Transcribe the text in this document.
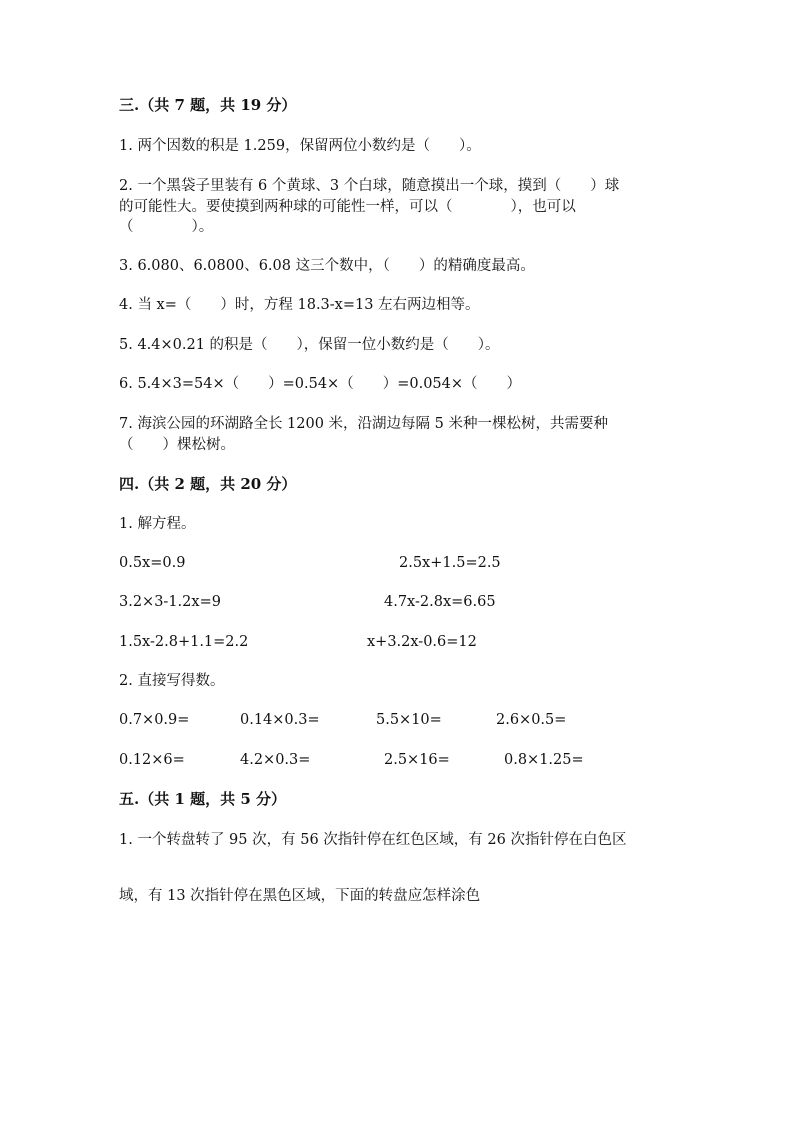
三.（共 7 题，共 19 分）
1. 两个因数的积是 1.259，保留两位小数约是（　　）。
2. 一个黑袋子里装有 6 个黄球、3 个白球，随意摸出一个球，摸到（　　）球
的可能性大。要使摸到两种球的可能性一样，可以（　　　　），也可以
（　　　　）。
3. 6.080、6.0800、6.08 这三个数中，（　　）的精确度最高。
4. 当 x=（　　）时，方程 18.3-x=13 左右两边相等。
5. 4.4×0.21 的积是（　　），保留一位小数约是（　　）。
6. 5.4×3=54×（　　）=0.54×（　　）=0.054×（　　）
7. 海滨公园的环湖路全长 1200 米，沿湖边每隔 5 米种一棵松树，共需要种
（　　）棵松树。
四.（共 2 题，共 20 分）
1. 解方程。
0.5x=0.9	2.5x+1.5=2.5
3.2×3-1.2x=9	4.7x-2.8x=6.65
1.5x-2.8+1.1=2.2	x+3.2x-0.6=12
2. 直接写得数。
0.7×0.9=	0.14×0.3=	5.5×10=	2.6×0.5=
0.12×6=	4.2×0.3=	2.5×16=	0.8×1.25=
五.（共 1 题，共 5 分）
1. 一个转盘转了 95 次，有 56 次指针停在红色区域，有 26 次指针停在白色区
域，有 13 次指针停在黑色区域，下面的转盘应怎样涂色
